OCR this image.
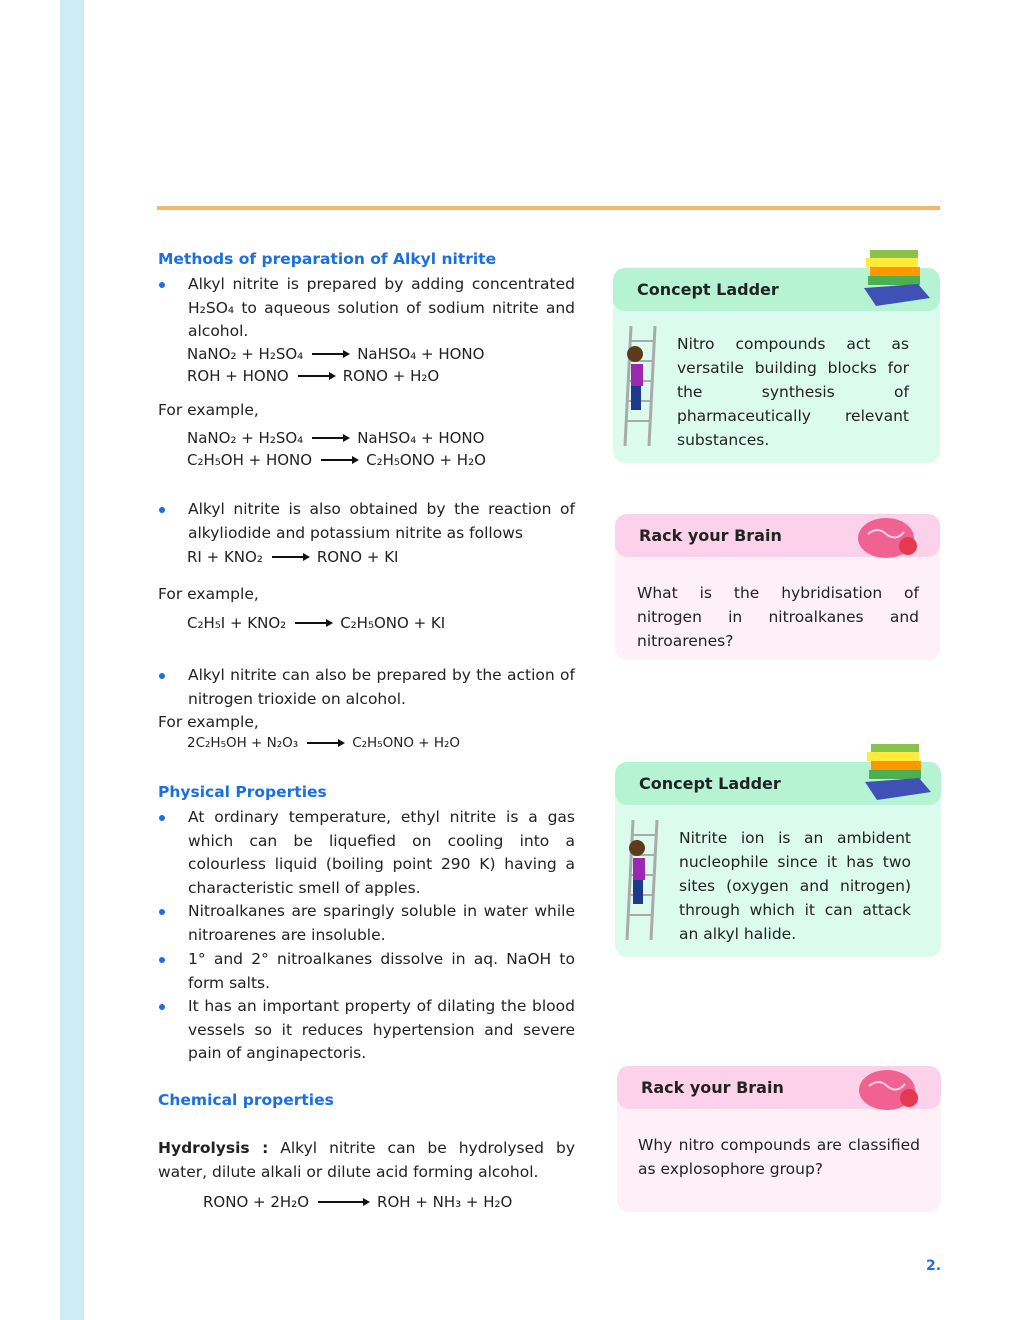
Methods of preparation of Alkyl nitrite
Alkyl nitrite is prepared by adding concentrated H₂SO₄ to aqueous solution of sodium nitrite and alcohol.
NaNO₂ + H₂SO₄	NaHSO₄ + HONO
ROH + HONO	RONO + H₂O
For example,
NaNO₂ + H₂SO₄	NaHSO₄ + HONO
C₂H₅OH + HONO	C₂H₅ONO + H₂O
Alkyl nitrite is also obtained by the reaction of alkyliodide and potassium nitrite as follows
RI + KNO₂	RONO + KI
For example,
C₂H₅I + KNO₂	C₂H₅ONO + KI
Alkyl nitrite can also be prepared by the action of nitrogen trioxide on alcohol.
For example,
2C₂H₅OH + N₂O₃	C₂H₅ONO + H₂O
Physical Properties
At ordinary temperature, ethyl nitrite is a gas which can be liquefied on cooling into a colourless liquid (boiling point 290 K) having a characteristic smell of apples.
Nitroalkanes are sparingly soluble in water while nitroarenes are insoluble.
1° and 2° nitroalkanes dissolve in aq. NaOH to form salts.
It has an important property of dilating the blood vessels so it reduces hypertension and severe pain of anginapectoris.
Chemical properties
Hydrolysis : Alkyl nitrite can be hydrolysed by water, dilute alkali or dilute acid forming alcohol.
RONO + 2H₂O	ROH + NH₃ + H₂O
Concept Ladder
Nitro compounds act as versatile building blocks for the synthesis of pharmaceutically relevant substances.
Rack your Brain
What is the hybridisation of nitrogen in nitroalkanes and nitroarenes?
Concept Ladder
Nitrite ion is an ambident nucleophile since it has two sites (oxygen and nitrogen) through which it can attack an alkyl halide.
Rack your Brain
Why nitro compounds are classified as explosophore group?
2.
